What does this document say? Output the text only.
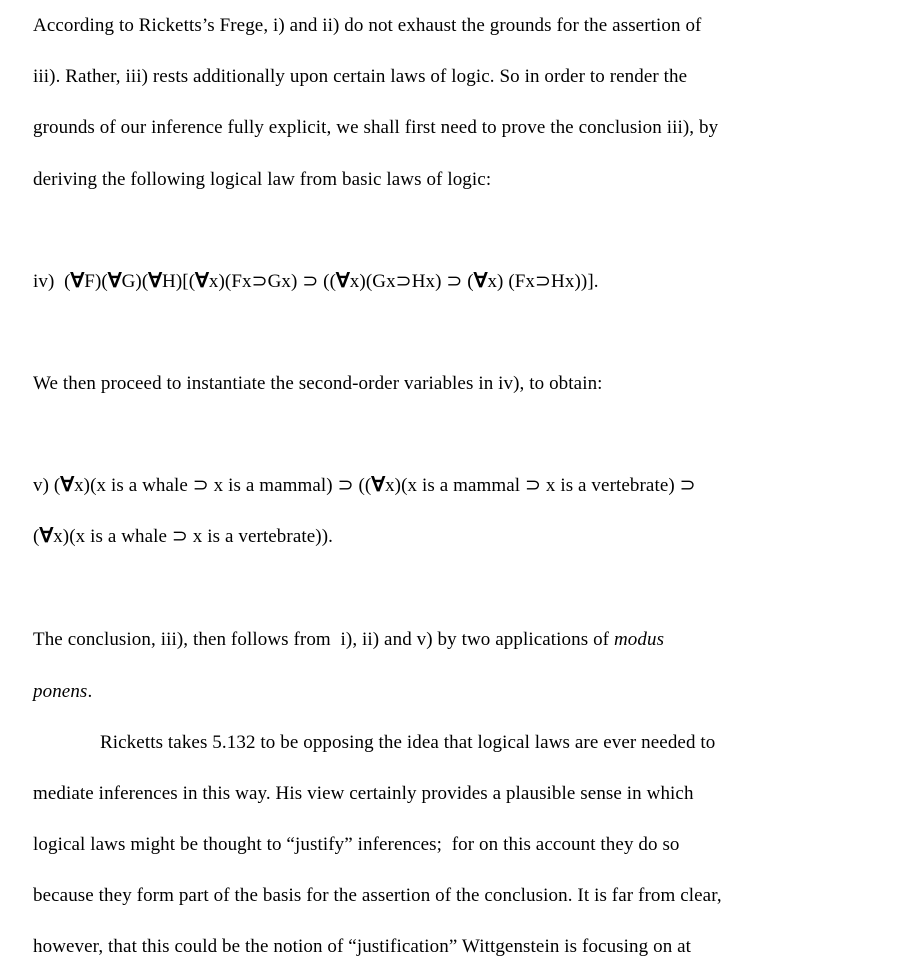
According to Ricketts’s Frege, i) and ii) do not exhaust the grounds for the assertion of
iii). Rather, iii) rests additionally upon certain laws of logic. So in order to render the
grounds of our inference fully explicit, we shall first need to prove the conclusion iii), by
deriving the following logical law from basic laws of logic:
iv)  (∀F)(∀G)(∀H)[(∀x)(Fx⊃Gx) ⊃ ((∀x)(Gx⊃Hx) ⊃ (∀x) (Fx⊃Hx))].
We then proceed to instantiate the second-order variables in iv), to obtain:
v) (∀x)(x is a whale ⊃ x is a mammal) ⊃ ((∀x)(x is a mammal ⊃ x is a vertebrate) ⊃
(∀x)(x is a whale ⊃ x is a vertebrate)).
The conclusion, iii), then follows from  i), ii) and v) by two applications of modus
ponens .
Ricketts takes 5.132 to be opposing the idea that logical laws are ever needed to
mediate inferences in this way. His view certainly provides a plausible sense in which
logical laws might be thought to “justify” inferences;  for on this account they do so
because they form part of the basis for the assertion of the conclusion. It is far from clear,
however, that this could be the notion of “justification” Wittgenstein is focusing on at
